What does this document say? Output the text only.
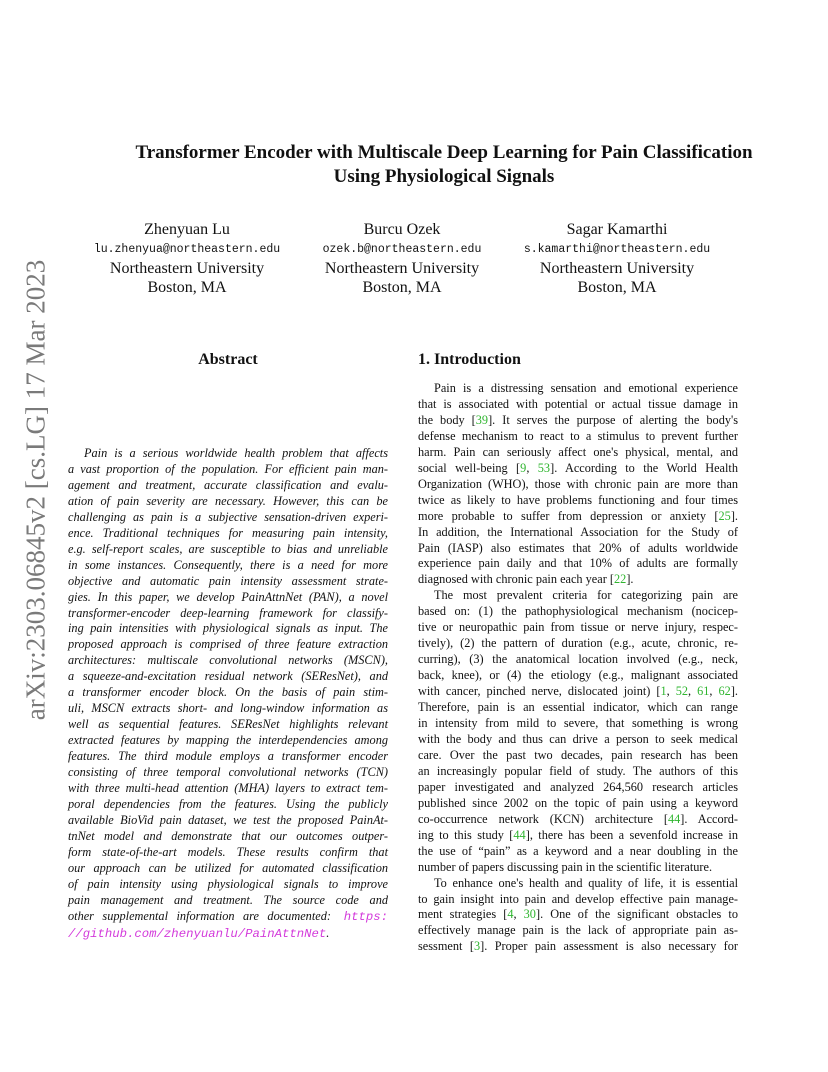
arXiv:2303.06845v2 [cs.LG] 17 Mar 2023
Transformer Encoder with Multiscale Deep Learning for Pain Classification
Using Physiological Signals
Zhenyuan Lu
lu.zhenyua@northeastern.edu
Northeastern University
Boston, MA
Burcu Ozek
ozek.b@northeastern.edu
Northeastern University
Boston, MA
Sagar Kamarthi
s.kamarthi@northeastern.edu
Northeastern University
Boston, MA
Abstract	1. Introduction
Pain is a serious worldwide health problem that affects
a vast proportion of the population. For efficient pain man-
agement and treatment, accurate classification and evalu-
ation of pain severity are necessary. However, this can be
challenging as pain is a subjective sensation-driven experi-
ence. Traditional techniques for measuring pain intensity,
e.g. self-report scales, are susceptible to bias and unreliable
in some instances. Consequently, there is a need for more
objective and automatic pain intensity assessment strate-
gies. In this paper, we develop PainAttnNet (PAN), a novel
transformer-encoder deep-learning framework for classify-
ing pain intensities with physiological signals as input. The
proposed approach is comprised of three feature extraction
architectures: multiscale convolutional networks (MSCN),
a squeeze-and-excitation residual network (SEResNet), and
a transformer encoder block. On the basis of pain stim-
uli, MSCN extracts short- and long-window information as
well as sequential features. SEResNet highlights relevant
extracted features by mapping the interdependencies among
features. The third module employs a transformer encoder
consisting of three temporal convolutional networks (TCN)
with three multi-head attention (MHA) layers to extract tem-
poral dependencies from the features. Using the publicly
available BioVid pain dataset, we test the proposed PainAt-
tnNet model and demonstrate that our outcomes outper-
form state-of-the-art models. These results confirm that
our approach can be utilized for automated classification
of pain intensity using physiological signals to improve
pain management and treatment. The source code and
other supplemental information are documented: https:
//github.com/zhenyuanlu/PainAttnNet.
Pain is a distressing sensation and emotional experience
that is associated with potential or actual tissue damage in
the body [39]. It serves the purpose of alerting the body's
defense mechanism to react to a stimulus to prevent further
harm. Pain can seriously affect one's physical, mental, and
social well-being [9, 53]. According to the World Health
Organization (WHO), those with chronic pain are more than
twice as likely to have problems functioning and four times
more probable to suffer from depression or anxiety [25].
In addition, the International Association for the Study of
Pain (IASP) also estimates that 20% of adults worldwide
experience pain daily and that 10% of adults are formally
diagnosed with chronic pain each year [22].
The most prevalent criteria for categorizing pain are
based on: (1) the pathophysiological mechanism (nocicep-
tive or neuropathic pain from tissue or nerve injury, respec-
tively), (2) the pattern of duration (e.g., acute, chronic, re-
curring), (3) the anatomical location involved (e.g., neck,
back, knee), or (4) the etiology (e.g., malignant associated
with cancer, pinched nerve, dislocated joint) [1, 52, 61, 62].
Therefore, pain is an essential indicator, which can range
in intensity from mild to severe, that something is wrong
with the body and thus can drive a person to seek medical
care. Over the past two decades, pain research has been
an increasingly popular field of study. The authors of this
paper investigated and analyzed 264,560 research articles
published since 2002 on the topic of pain using a keyword
co-occurrence network (KCN) architecture [44]. Accord-
ing to this study [44], there has been a sevenfold increase in
the use of “pain” as a keyword and a near doubling in the
number of papers discussing pain in the scientific literature.
To enhance one's health and quality of life, it is essential
to gain insight into pain and develop effective pain manage-
ment strategies [4, 30]. One of the significant obstacles to
effectively manage pain is the lack of appropriate pain as-
sessment [3]. Proper pain assessment is also necessary for
